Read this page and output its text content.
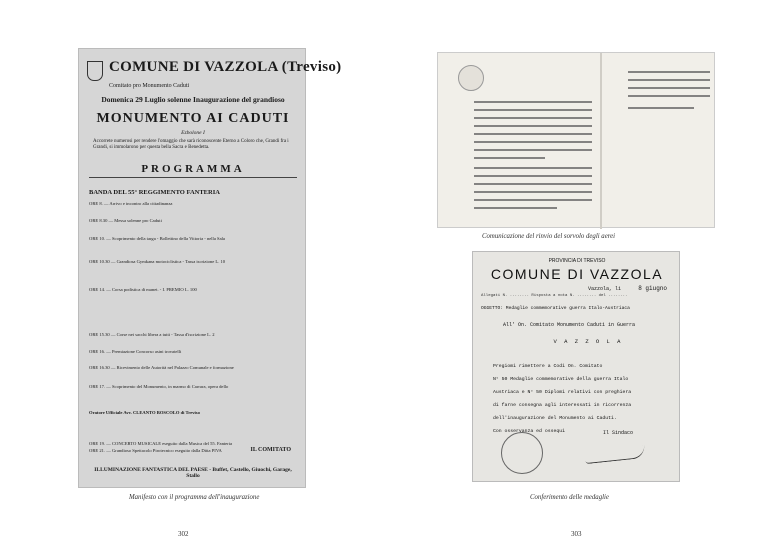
COMUNE DI VAZZOLA (Treviso)
Comitato pro Monumento Caduti
Domenica 29 Luglio solenne Inaugurazione del grandioso
MONUMENTO AI CADUTI
Ezbolone I
Accorrete numerosi per rendere l'omaggio che sarà riconoscente Eterno a Coloro che, Grandi fra i Grandi, si immolarono per questa bella Sacra e Benedetta.
PROGRAMMA
BANDA DEL 55° REGGIMENTO FANTERIA
ORE 8. — Arrivo e incontro alla cittadinanza
ORE 8.30 — Messa solenne pro Caduti
ORE 10. — Scoprimento della targa - Bollettino della Vittoria - nella Sala
ORE 10.30 — Grandiosa Gymkana motociclistica - Tassa iscrizione L. 10
ORE 14. — Corsa podistica di manet. - I. PREMIO L. 100
ORE 15.30 — Corse nei sacchi libera a tutti - Tassa d'iscrizione L. 2
ORE 16. — Premiazione Concorso asini trovatelli
ORE 16.30 — Ricevimento delle Autorità nel Palazzo Comunale e formazione
ORE 17. — Scoprimento del Monumento, in marmo di Carrara, opera dello
Oratore Ufficiale Avv. CLEANTO BOSCOLO di Treviso
ORE 19. — CONCERTO MUSICALE eseguito dalla Musica del 55. Fanteria
ORE 21. — Grandioso Spettacolo Pirotecnico eseguito dalla Ditta PIVA	IL COMITATO
ILLUMINAZIONE FANTASTICA DEL PAESE - Buffet, Castello, Giuochi, Garage, Stallo
Manifesto con il programma dell'inaugurazione
302
Comunicazione del rinvio del sorvolo degli aerei
PROVINCIA DI TREVISO
COMUNE DI VAZZOLA
Vazzola, li	8 giugno
Allegati N. ........ Risposta a nota N. ........ del ........
OGGETTO: Medaglie commemorative guerra Italo-Austriaca
All' On. Comitato Monumento Caduti in Guerra
V A Z Z O L A
Pregiomi rimettere a Codi On. Comitato
N° 50 Medaglie commemorative della guerra Italo
Austriaca e N° 50 Diplomi relativi con preghiera
di farne consegna agli interessati in ricorrenza
dell'inaugurazione del Monumento ai Caduti.
Con osservanza ed ossequi	Il Sindaco
Conferimento delle medaglie
303
